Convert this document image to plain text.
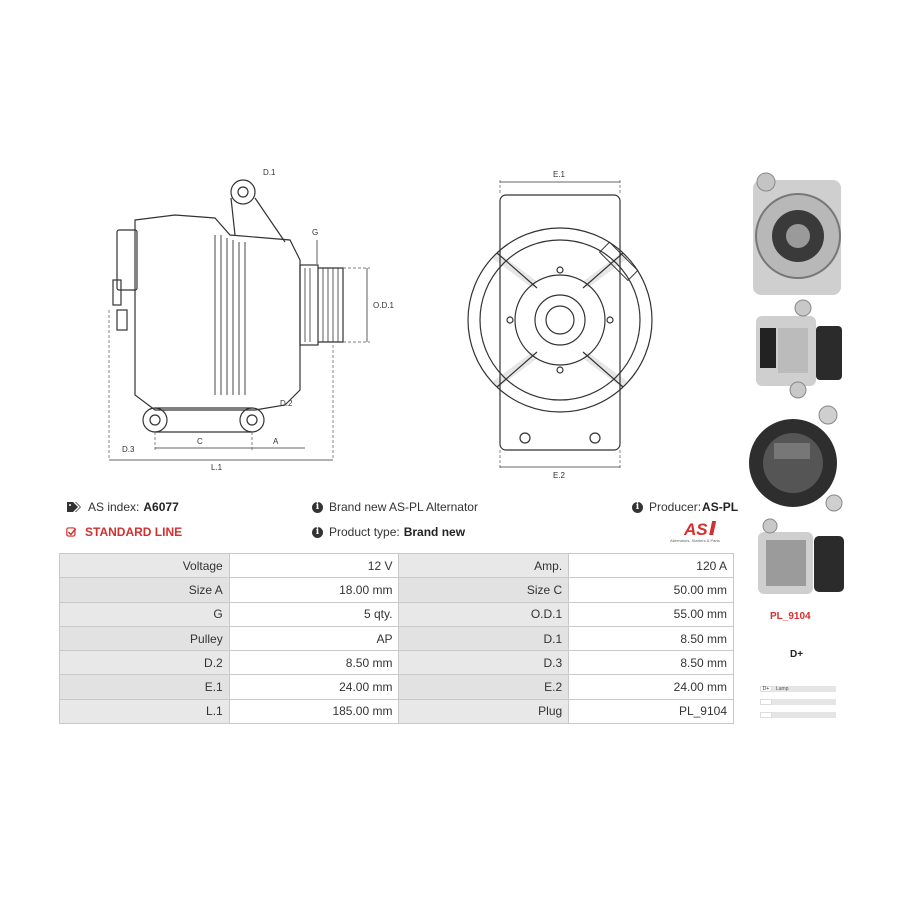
D.1
G
O.D.1
D.2
D.3
C	A
L.1
E.1
E.2
AS index: A6077	i Brand new AS-PL Alternator	i Producer: AS-PL
STANDARD LINE	i Product type: Brand new	AS
Alternators, Starters & Parts
Voltage	12 V	Amp.	120 A
Size A	18.00 mm	Size C	50.00 mm
G	5 qty.	O.D.1	55.00 mm
Pulley	AP	D.1	8.50 mm
D.2	8.50 mm	D.3	8.50 mm
E.1	24.00 mm	E.2	24.00 mm
L.1	185.00 mm	Plug	PL_9104
PL_9104
D+
D+	Lamp
